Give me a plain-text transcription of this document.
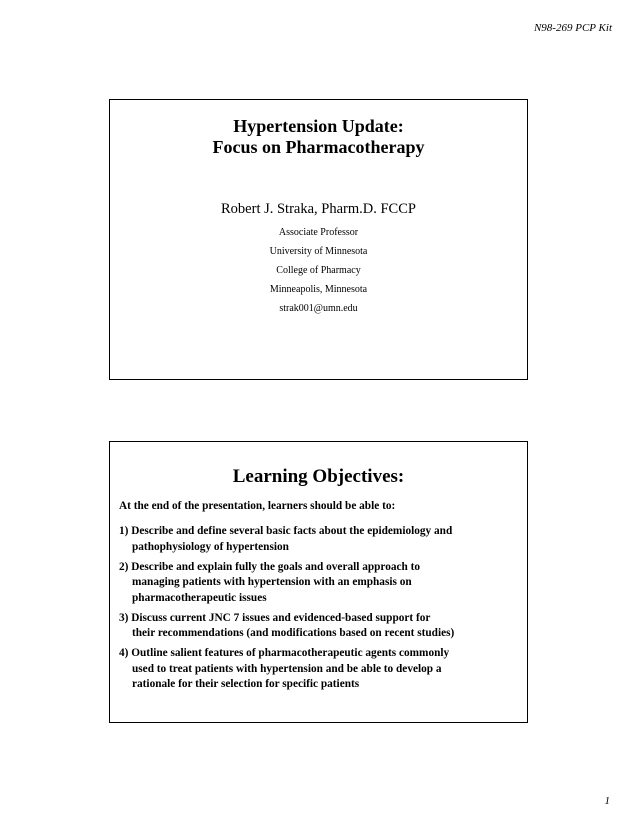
N98-269 PCP Kit
Hypertension Update:
Focus on Pharmacotherapy
Robert J. Straka, Pharm.D. FCCP
Associate Professor
University of Minnesota
College of Pharmacy
Minneapolis, Minnesota
strak001@umn.edu
Learning Objectives:
At the end of the presentation, learners should be able to:
1) Describe and define several basic facts about the epidemiology and
pathophysiology of hypertension
2) Describe and explain fully the goals and overall approach to
managing patients with hypertension with an emphasis on
pharmacotherapeutic issues
3) Discuss current JNC 7 issues and evidenced-based support for
their recommendations (and modifications based on recent studies)
4) Outline salient features of pharmacotherapeutic agents commonly
used to treat patients with hypertension and be able to develop a
rationale for their selection for specific patients
1
